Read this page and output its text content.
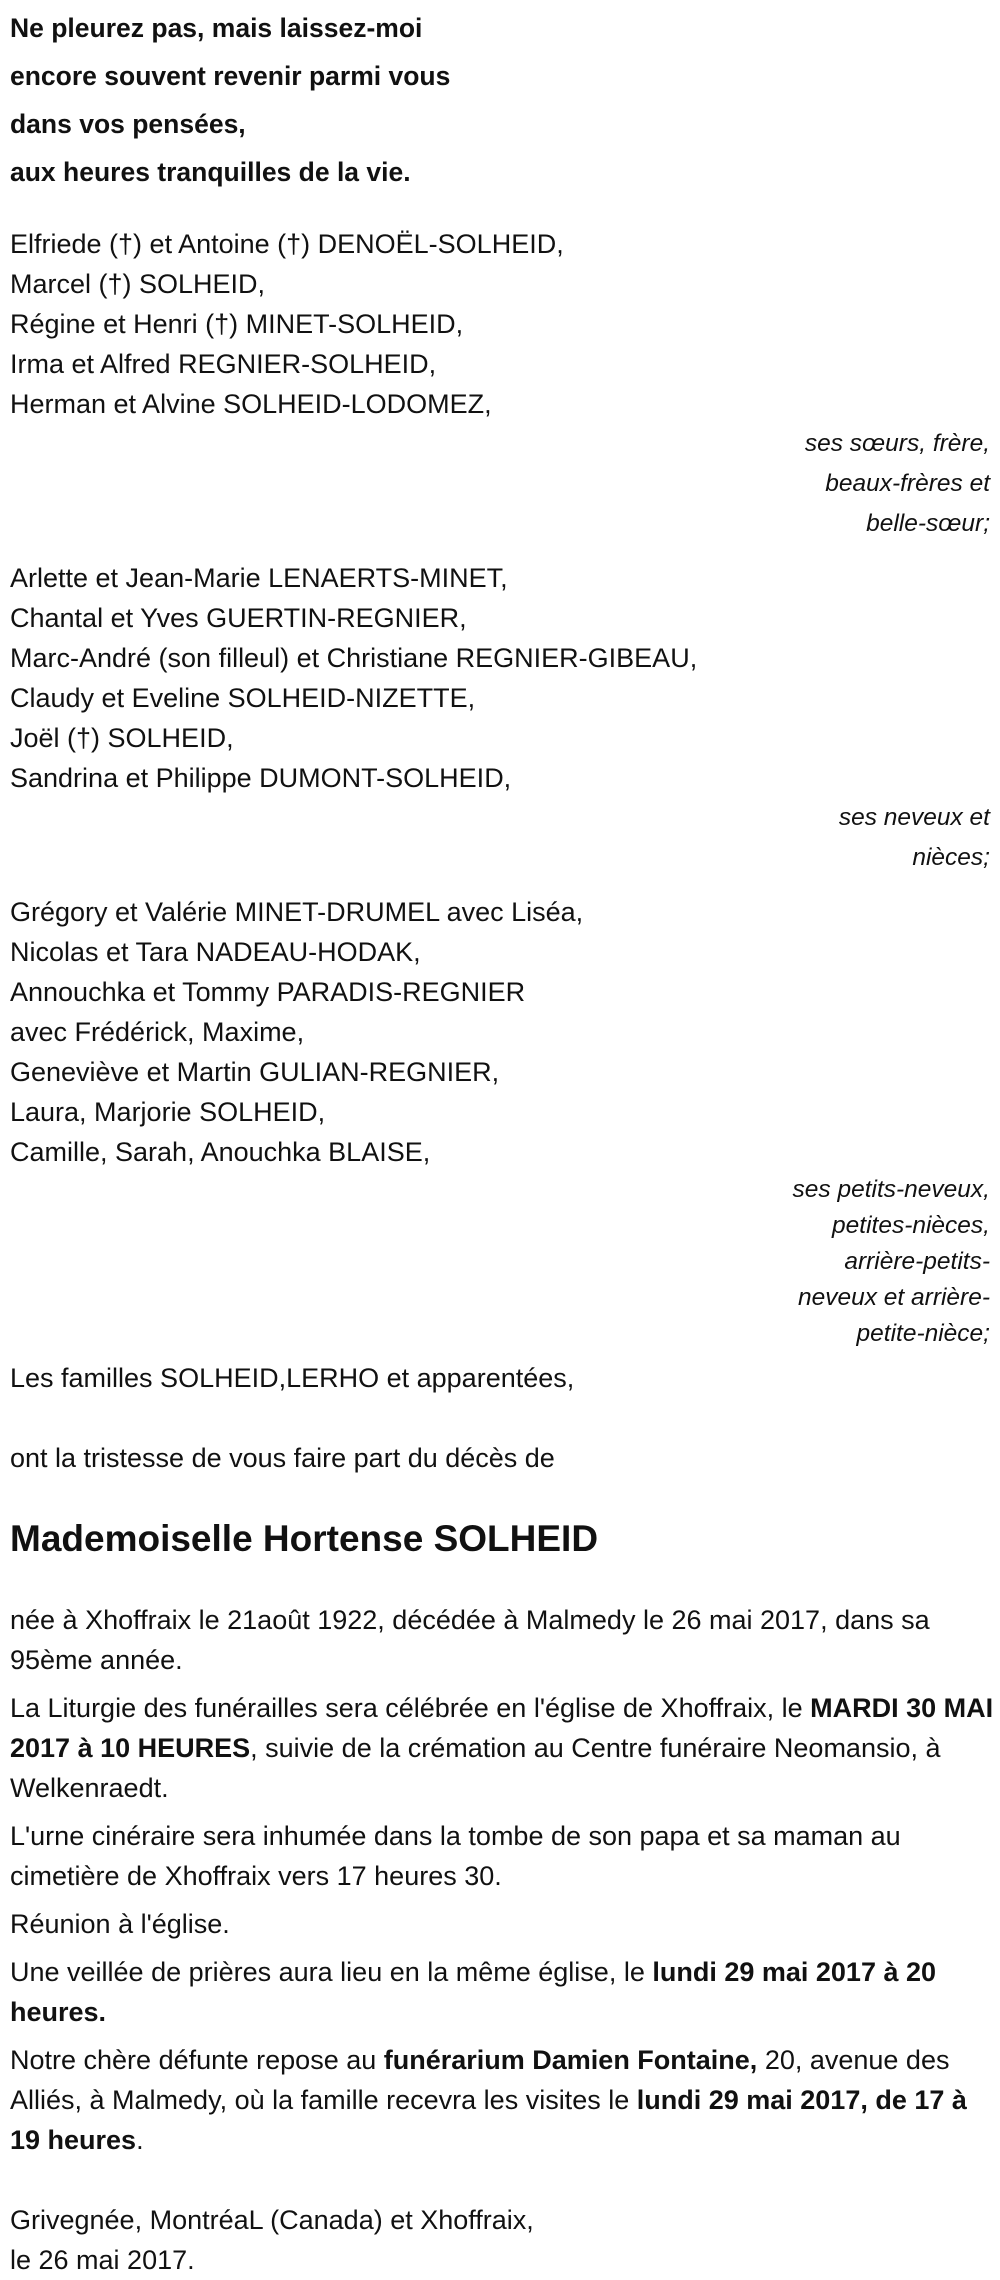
Ne pleurez pas, mais laissez-moi
encore souvent revenir parmi vous
dans vos pensées,
aux heures tranquilles de la vie.
Elfriede (†) et Antoine (†) DENOËL-SOLHEID,
Marcel (†) SOLHEID,
Régine et Henri (†) MINET-SOLHEID,
Irma et Alfred REGNIER-SOLHEID,
Herman et Alvine SOLHEID-LODOMEZ,
ses sœurs, frère,
beaux-frères et
belle-sœur;
Arlette et Jean-Marie LENAERTS-MINET,
Chantal et Yves GUERTIN-REGNIER,
Marc-André (son filleul) et Christiane REGNIER-GIBEAU,
Claudy et Eveline SOLHEID-NIZETTE,
Joël (†) SOLHEID,
Sandrina et Philippe DUMONT-SOLHEID,
ses neveux et
nièces;
Grégory et Valérie MINET-DRUMEL avec Liséa,
Nicolas et Tara NADEAU-HODAK,
Annouchka et Tommy PARADIS-REGNIER
avec Frédérick, Maxime,
Geneviève et Martin GULIAN-REGNIER,
Laura, Marjorie SOLHEID,
Camille, Sarah, Anouchka BLAISE,
ses petits-neveux,
petites-nièces,
arrière-petits-
neveux et arrière-
petite-nièce;
Les familles SOLHEID,LERHO et apparentées,
ont la tristesse de vous faire part du décès de
Mademoiselle Hortense SOLHEID

née à Xhoffraix le 21août 1922, décédée à Malmedy le 26 mai 2017, dans sa 95ème année.

La Liturgie des funérailles sera célébrée en l'église de Xhoffraix, le MARDI 30 MAI 2017 à 10 HEURES, suivie de la crémation au Centre funéraire Neomansio, à Welkenraedt.

L'urne cinéraire sera inhumée dans la tombe de son papa et sa maman au cimetière de Xhoffraix vers 17 heures 30.

Réunion à l'église.

Une veillée de prières aura lieu en la même église, le lundi 29 mai 2017 à 20 heures.

Notre chère défunte repose au funérarium Damien Fontaine, 20, avenue des Alliés, à Malmedy, où la famille recevra les visites le lundi 29 mai 2017, de 17 à 19 heures.

Grivegnée, MontréaL (Canada) et Xhoffraix,
le 26 mai 2017.
